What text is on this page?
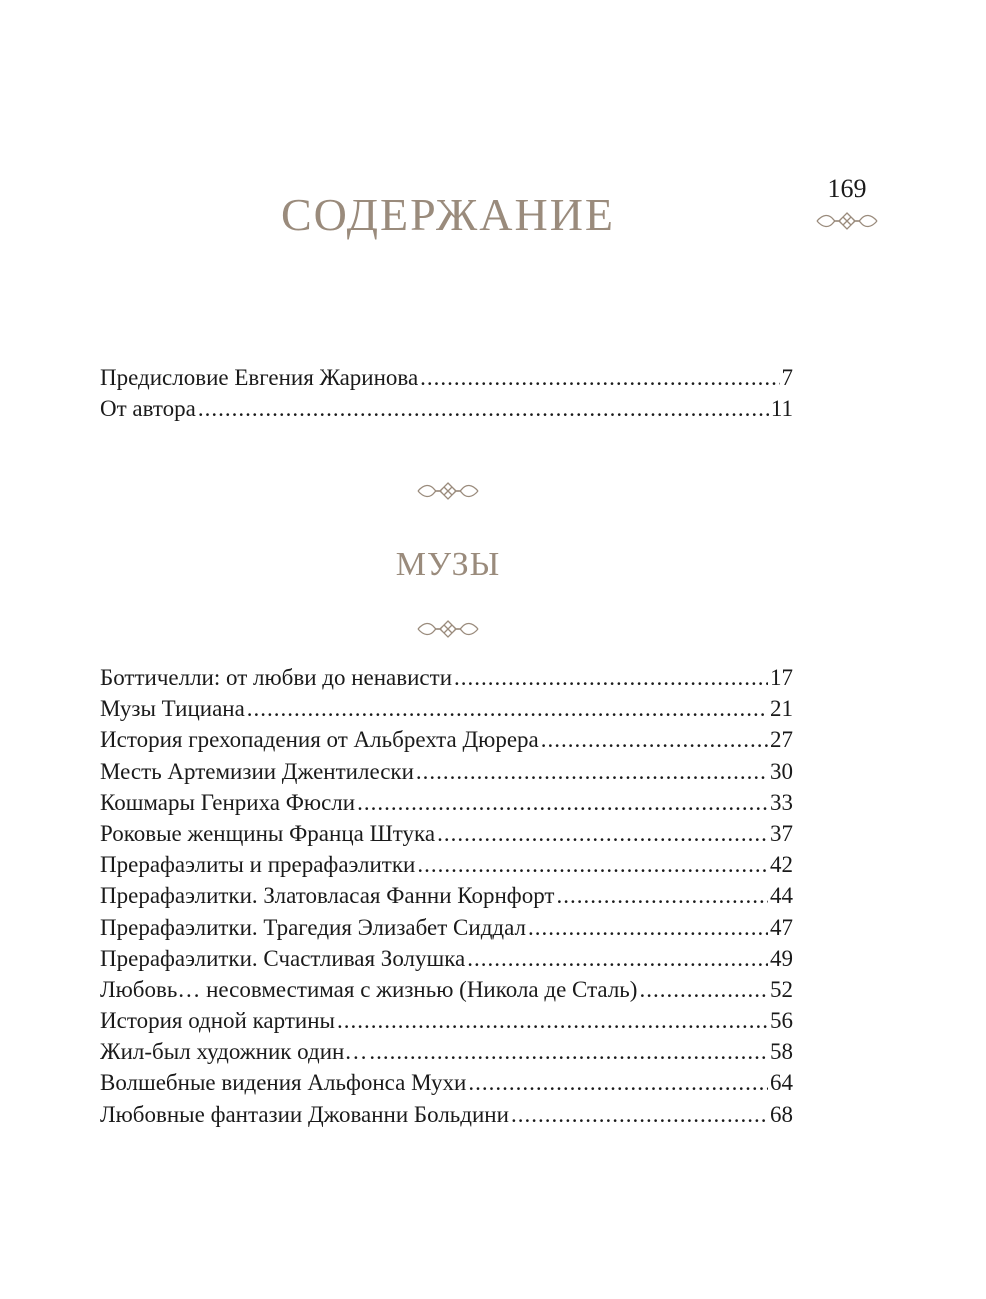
169
СОДЕРЖАНИЕ
Предисловие Евгения Жаринова .....	7
От автора .....	11
МУЗЫ
Боттичелли: от любви до ненависти .....	17
Музы Тициана .....	21
История грехопадения от Альбрехта Дюрера .....	27
Месть Артемизии Джентилески .....	30
Кошмары Генриха Фюсли .....	33
Роковые женщины Франца Штука .....	37
Прерафаэлиты и прерафаэлитки .....	42
Прерафаэлитки. Златовласая Фанни Корнфорт .....	44
Прерафаэлитки. Трагедия Элизабет Сиддал .....	47
Прерафаэлитки. Счастливая Золушка .....	49
Любовь… несовместимая с жизнью (Никола де Сталь) .....	52
История одной картины .....	56
Жил-был художник один… .....	58
Волшебные видения Альфонса Мухи .....	64
Любовные фантазии Джованни Больдини .....	68
